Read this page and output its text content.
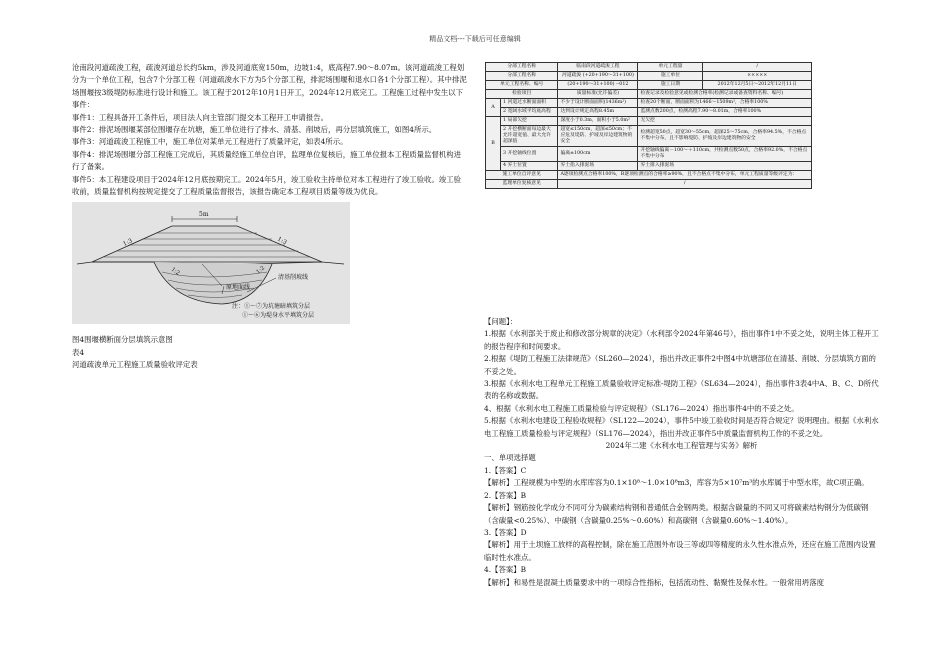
精品文档---下载后可任意编辑

沧南段河道疏浚工程，疏浚河道总长约5km，涉及河道底宽150m，边坡1:4，底高程7.90～8.07m。该河道疏浚工程划分为一个单位工程，包含7个分部工程（河道疏浚水下方为5个分部工程，排泥场围堰和退水口各1个分部工程）。其中排泥场围堰按3级堤防标准进行设计和施工。该工程于2012年10月1日开工，2024年12月底完工。工程施工过程中发生以下事件：

事件1：工程具备开工条件后，项目法人向主管部门提交本工程开工申请报告。

事件2：排泥场围堰某部位围堰存在坑塘，施工单位进行了排水、清基、削坡后，再分层填筑施工，如图4所示。

事件3：河道疏浚工程施工中，施工单位对某单元工程进行了质量评定，如表4所示。

事件4：排泥场围堰分部工程施工完成后，其质量经施工单位自评，监理单位复核后，施工单位报本工程质量监督机构进行了备案。

事件5：本工程建设项目于2024年12月底按期完工。2024年5月，竣工验收主持单位对本工程进行了竣工验收。竣工验收前，质量监督机构按规定提交了工程质量监督报告，该报告确定本工程项目质量等级为优良。

1:3	1:3
1:2	1:2
5m
清基削坡线
原地面线
注：①～⑦为坑塘暗填筑分层
①～⑥为堤身水平填筑分层

图4围堰横断面分层填筑示意图

表4

河道疏浚单元工程施工质量验收评定表

分部工程名称		临南段河道疏浚工程	单元工程量	/
分部工程名称		河道疏浚 (+20+190～31+100)	施工单位	×××××
单元工程名称、编号		(20+190～31+100) --012	施工日期	2012年12月5日～2012年12月11日
检验项目		质量标准(允许偏差)	检查记录及检验意见或检测合格率(检测记录或备查资料名称、编号)	
A	1 河道过水断面面积	不少于设计断面面积(1436m²)	检查20个断面，断面面积为1466～1509m²，合格率100%	
	2 宽阔水域平均底高程	达到设计规定高程8.45m	监测点数200点，检测高程7.90～8.01m，合格率100%	
B	1 局部欠挖	深度小于0.3m，面积小于5.0m²	无欠挖	
	2 开挖横断面每边最大允许超宽值、最大允许超深值	超宽≤150cm，超深≤50cm；不应危及堤防、护坡及岸边建筑物的安全	检测超宽50点，超宽30～55cm，超深25～75cm，合格率94.5%，不合格点不集中分布，且不影响堤防、护坡及岸边建筑物的安全	
	3 开挖轴线位置	偏离±100cm	开挖轴线偏离－100～＋110cm，共检测点数50点，合格率92.0%，不合格点不集中分布	
	4 弃土位置	弃土指入排泥场	弃土排入排泥场	
施工单位自评意见		A逐项检测点合格率100%，B逐项检测点的合格率≥90%，且不合格点不集中分布，单元工程质量等级评定为：		
监理单位复核意见		/		

【问题】：

1.根据《水利部关于废止和修改部分规章的决定》（水利部令2024年第46号），指出事件1中不妥之处，说明主体工程开工的报告程序和时间要求。

2.根据《堤防工程施工法律规范》（SL260—2024），指出并改正事件2中图4中坑塘部位在清基、削坡、分层填筑方面的不妥之处。

3.根据《水利水电工程单元工程施工质量验收评定标准-堤防工程》（SL634—2024），指出事件3表4中A、B、C、D所代表的名称或数据。

4、根据《水利水电工程施工质量检验与评定规程》（SL176—2024）指出事件4中的不妥之处。

5.根据《水利水电建设工程验收规程》（SL122—2024），事件5中竣工验收时间是否符合规定？说明理由。根据《水利水电工程施工质量检验与评定规程》（SL176—2024），指出并改正事件5中质量监督机构工作的不妥之处。

2024年二建《水利水电工程管理与实务》解析

一、单项选择题

1.【答案】C

【解析】工程规模为中型的水库库容为0.1×10⁸～1.0×10⁸m3，库容为5×10⁷m³的水库属于中型水库，故C项正确。

2.【答案】B

【解析】钢筋按化学成分不同可分为碳素结构钢和普通低合金钢两类。根据含碳量的不同又可将碳素结构钢分为低碳钢（含碳量<0.25%）、中碳钢（含碳量0.25%～0.60%）和高碳钢（含碳量0.60%～1.40%）。

3.【答案】D

【解析】用于土坝施工放样的高程控制，除在施工范围外布设三等或四等精度的永久性水准点外，还应在施工范围内设置临时性水准点。

4.【答案】B

【解析】和易性是混凝土质量要求中的一项综合性指标，包括流动性、黏聚性及保水性。一般常用坍落度
